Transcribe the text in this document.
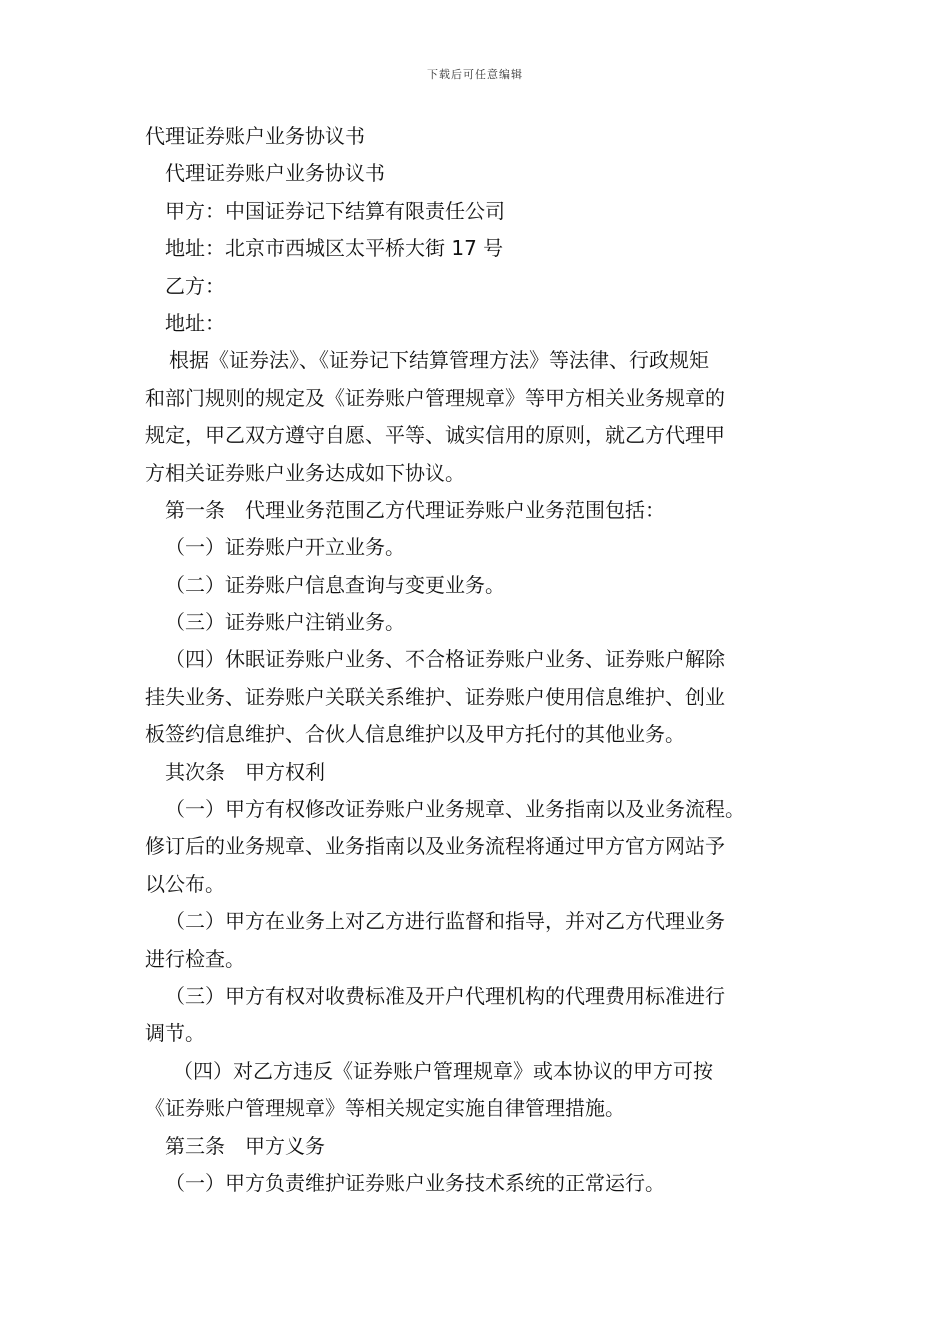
下载后可任意编辑
代理证券账户业务协议书
代理证券账户业务协议书
甲方：中国证券记下结算有限责任公司
地址：北京市西城区太平桥大街 17 号
乙方：
地址：
根据《证券法》、《证券记下结算管理方法》等法律、行政规矩
和部门规则的规定及《证券账户管理规章》等甲方相关业务规章的
规定，甲乙双方遵守自愿、平等、诚实信用的原则，就乙方代理甲
方相关证券账户业务达成如下协议。
第一条　代理业务范围乙方代理证券账户业务范围包括：
（一）证券账户开立业务。
（二）证券账户信息查询与变更业务。
（三）证券账户注销业务。
（四）休眠证券账户业务、不合格证券账户业务、证券账户解除
挂失业务、证券账户关联关系维护、证券账户使用信息维护、创业
板签约信息维护、合伙人信息维护以及甲方托付的其他业务。
其次条　甲方权利
（一）甲方有权修改证券账户业务规章、业务指南以及业务流程。
修订后的业务规章、业务指南以及业务流程将通过甲方官方网站予
以公布。
（二）甲方在业务上对乙方进行监督和指导，并对乙方代理业务
进行检查。
（三）甲方有权对收费标准及开户代理机构的代理费用标准进行
调节。
（四）对乙方违反《证券账户管理规章》或本协议的甲方可按
《证券账户管理规章》等相关规定实施自律管理措施。
第三条　甲方义务
（一）甲方负责维护证券账户业务技术系统的正常运行。
